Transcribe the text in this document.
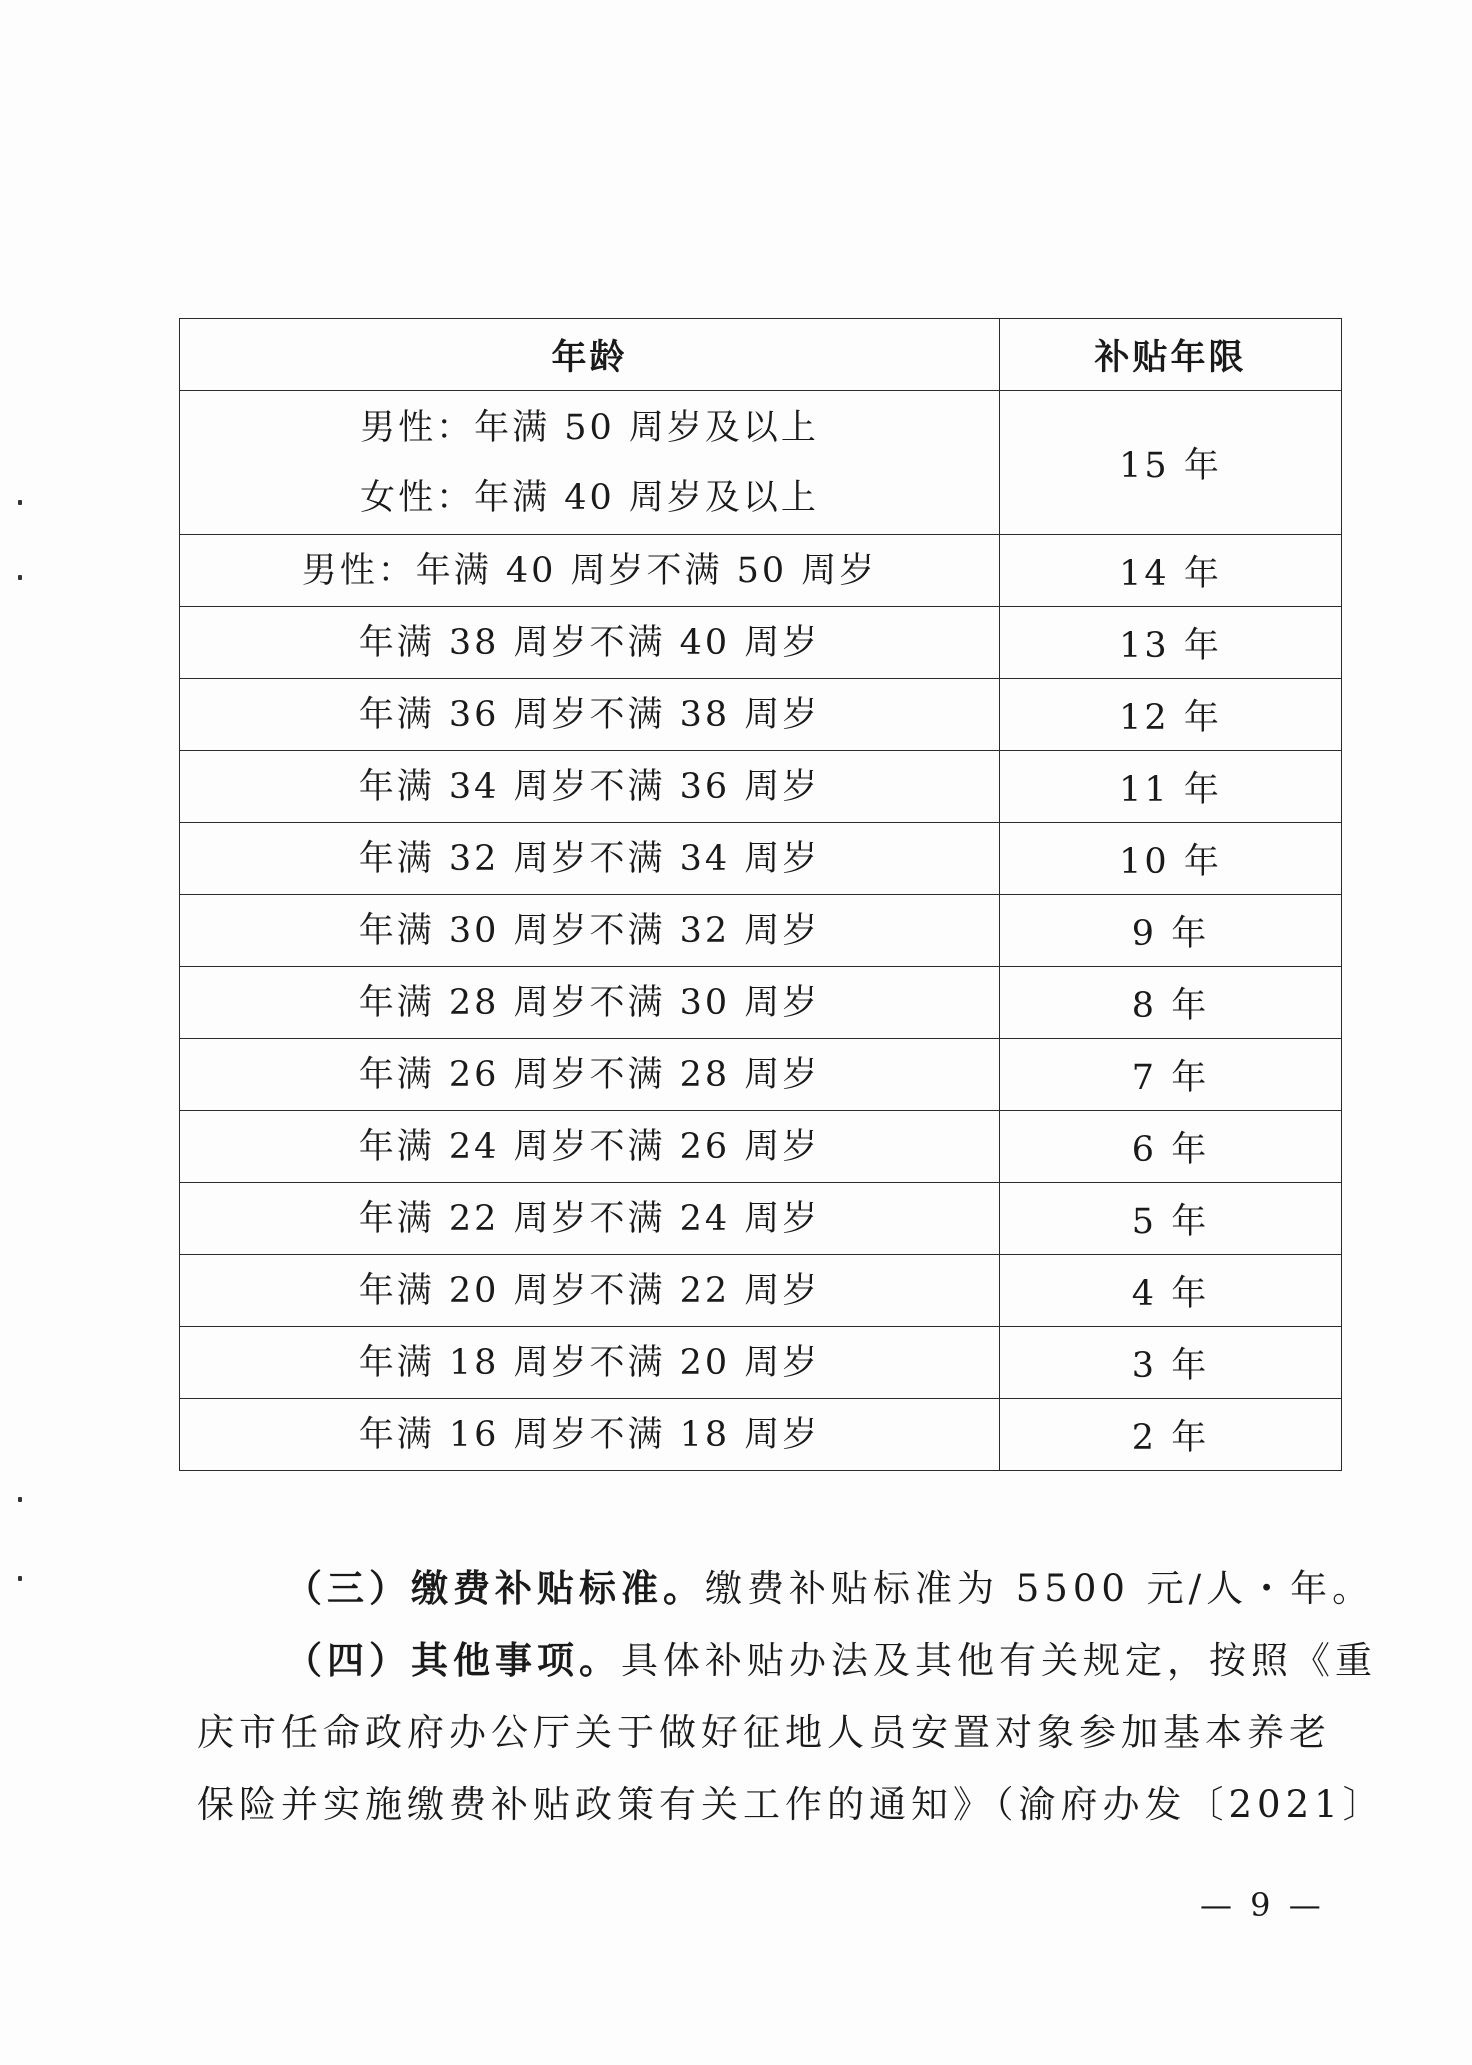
年龄	补贴年限

男性：年满 50 周岁及以上
女性：年满 40 周岁及以上	15 年

男性：年满 40 周岁不满 50 周岁	14 年

年满 38 周岁不满 40 周岁	13 年

年满 36 周岁不满 38 周岁	12 年

年满 34 周岁不满 36 周岁	11 年

年满 32 周岁不满 34 周岁	10 年

年满 30 周岁不满 32 周岁	9 年

年满 28 周岁不满 30 周岁	8 年

年满 26 周岁不满 28 周岁	7 年

年满 24 周岁不满 26 周岁	6 年

年满 22 周岁不满 24 周岁	5 年

年满 20 周岁不满 22 周岁	4 年

年满 18 周岁不满 20 周岁	3 年

年满 16 周岁不满 18 周岁	2 年
（三）缴费补贴标准。缴费补贴标准为 5500 元/人・年。
（四）其他事项。具体补贴办法及其他有关规定，按照《重
庆市任命政府办公厅关于做好征地人员安置对象参加基本养老
保险并实施缴费补贴政策有关工作的通知》（渝府办发〔2021〕
— 9 —
